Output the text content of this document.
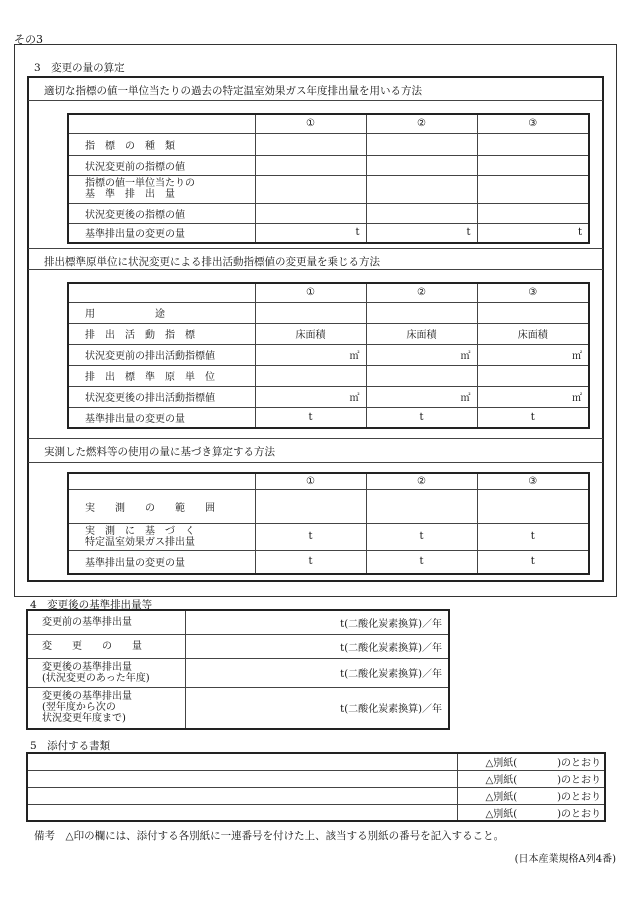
その3
3　変更の量の算定
適切な指標の値一単位当たりの過去の特定温室効果ガス年度排出量を用いる方法
排出標準原単位に状況変更による排出活動指標値の変更量を乗じる方法
実測した燃料等の使用の量に基づき算定する方法
	①	②	③
指　標　の　種　類			
状況変更前の指標の値			

指標の値一単位当たりの
基　準　排　出　量			

状況変更後の指標の値			
基準排出量の変更の量	t	t	t
	①	②	③
用　　　　　　途			
排　出　活　動　指　標	床面積	床面積	床面積
状況変更前の排出活動指標値	㎡	㎡	㎡
排　出　標　準　原　単　位			
状況変更後の排出活動指標値	㎡	㎡	㎡
基準排出量の変更の量	t	t	t
	①	②	③
実　　測　　の　　範　　囲			

実　測　に　基　づ　く
特定温室効果ガス排出量	t	t	t
基準排出量の変更の量	t	t	t
4　変更後の基準排出量等
変更前の基準排出量	t(二酸化炭素換算)／年

変　　更　　の　　量	t(二酸化炭素換算)／年

変更後の基準排出量
(状況変更のあった年度)	t(二酸化炭素換算)／年

変更後の基準排出量
(翌年度から次の
状況変更年度まで)	t(二酸化炭素換算)／年
5　添付する書類
	△別紙(　　　　)のとおり
	△別紙(　　　　)のとおり
	△別紙(　　　　)のとおり
	△別紙(　　　　)のとおり
備考　△印の欄には、添付する各別紙に一連番号を付けた上、該当する別紙の番号を記入すること。
(日本産業規格A列4番)
